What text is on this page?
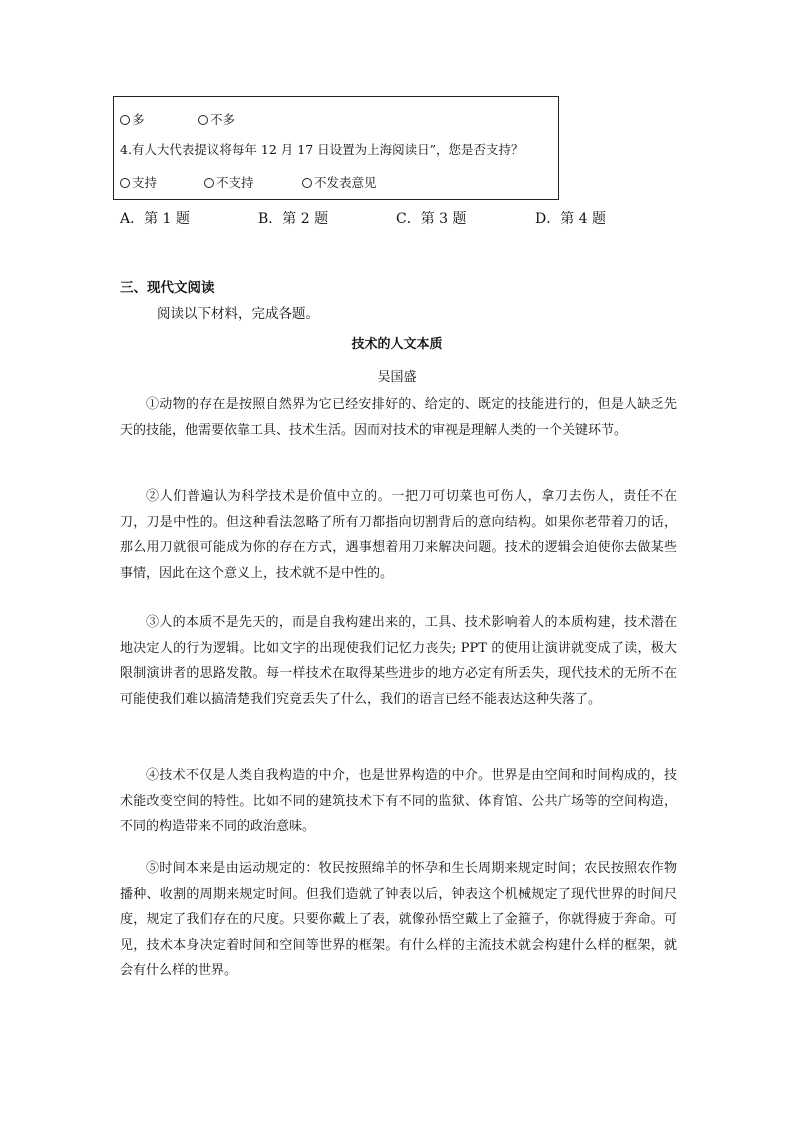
多	不多
4.有人大代表提议将每年 12 月 17 日设置为上海阅读日”，您是否支持？
支持	不支持	不发表意见
A．第 1 题	B．第 2 题	C．第 3 题	D．第 4 题
三、现代文阅读
阅读以下材料，完成各题。
技术的人文本质
吴国盛

①动物的存在是按照自然界为它已经安排好的、给定的、既定的技能进行的，但是人缺乏先天的技能，他需要依靠工具、技术生活。因而对技术的审视是理解人类的一个关键环节。

②人们普遍认为科学技术是价值中立的。一把刀可切菜也可伤人，拿刀去伤人，责任不在刀，刀是中性的。但这种看法忽略了所有刀都指向切割背后的意向结构。如果你老带着刀的话，那么用刀就很可能成为你的存在方式，遇事想着用刀来解决问题。技术的逻辑会迫使你去做某些事情，因此在这个意义上，技术就不是中性的。

③人的本质不是先天的，而是自我构建出来的，工具、技术影响着人的本质构建，技术潜在地决定人的行为逻辑。比如文字的出现使我们记忆力丧失; PPT 的使用让演讲就变成了读，极大限制演讲者的思路发散。每一样技术在取得某些进步的地方必定有所丢失，现代技术的无所不在可能使我们难以搞清楚我们究竟丢失了什么，我们的语言已经不能表达这种失落了。

④技术不仅是人类自我构造的中介，也是世界构造的中介。世界是由空间和时间构成的，技术能改变空间的特性。比如不同的建筑技术下有不同的监狱、体育馆、公共广场等的空间构造，不同的构造带来不同的政治意味。

⑤时间本来是由运动规定的：牧民按照绵羊的怀孕和生长周期来规定时间；农民按照农作物播种、收割的周期来规定时间。但我们造就了钟表以后，钟表这个机械规定了现代世界的时间尺度，规定了我们存在的尺度。只要你戴上了表，就像孙悟空戴上了金箍子，你就得疲于奔命。可见，技术本身决定着时间和空间等世界的框架。有什么样的主流技术就会构建什么样的框架，就会有什么样的世界。
